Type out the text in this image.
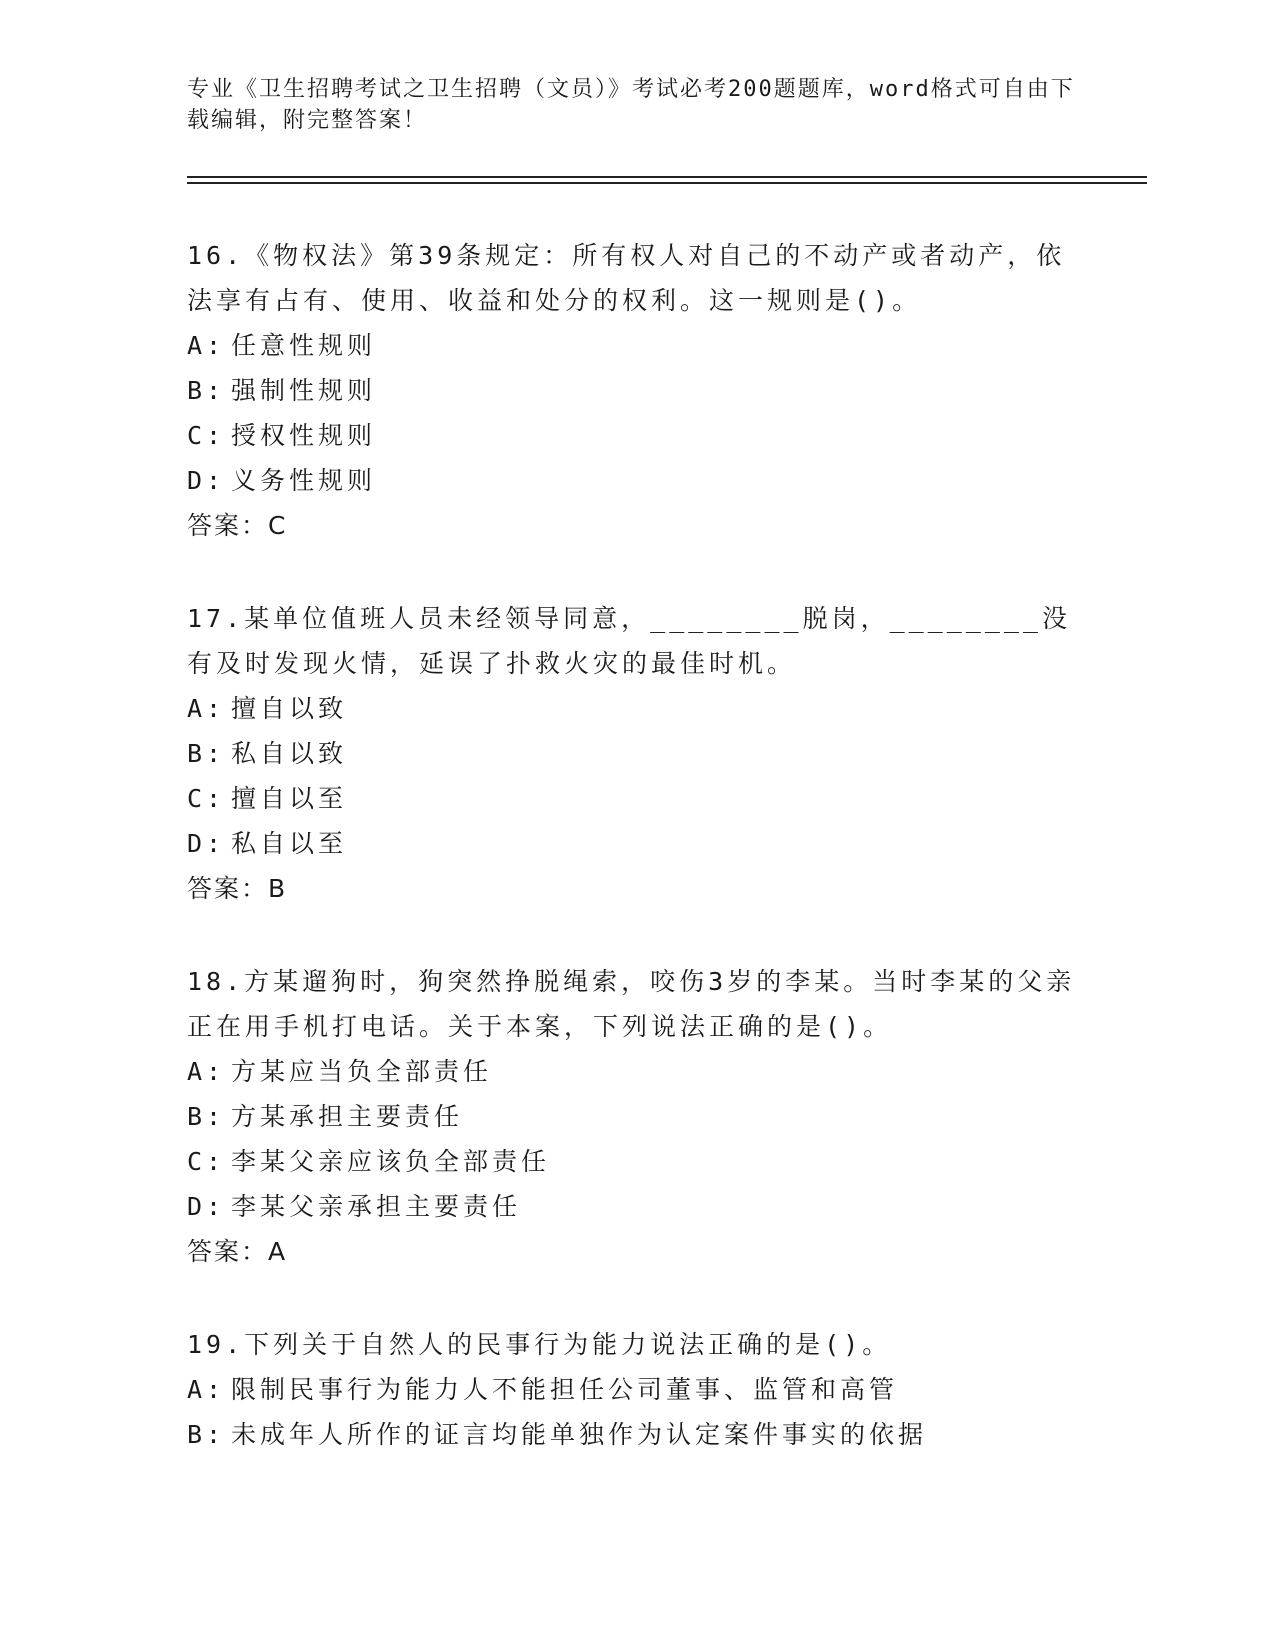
专业《卫生招聘考试之卫生招聘（文员）》考试必考200题题库，word格式可自由下载编辑，附完整答案！

16.《物权法》第39条规定：所有权人对自己的不动产或者动产，依法享有占有、使用、收益和处分的权利。这一规则是()。

A: 任意性规则
B: 强制性规则
C: 授权性规则
D: 义务性规则
答案：C

17.某单位值班人员未经领导同意，________脱岗，________没有及时发现火情，延误了扑救火灾的最佳时机。

A: 擅自以致
B: 私自以致
C: 擅自以至
D: 私自以至
答案：B

18.方某遛狗时，狗突然挣脱绳索，咬伤3岁的李某。当时李某的父亲正在用手机打电话。关于本案，下列说法正确的是()。

A: 方某应当负全部责任
B: 方某承担主要责任
C: 李某父亲应该负全部责任
D: 李某父亲承担主要责任
答案：A

19.下列关于自然人的民事行为能力说法正确的是()。

A: 限制民事行为能力人不能担任公司董事、监管和高管
B: 未成年人所作的证言均能单独作为认定案件事实的依据
